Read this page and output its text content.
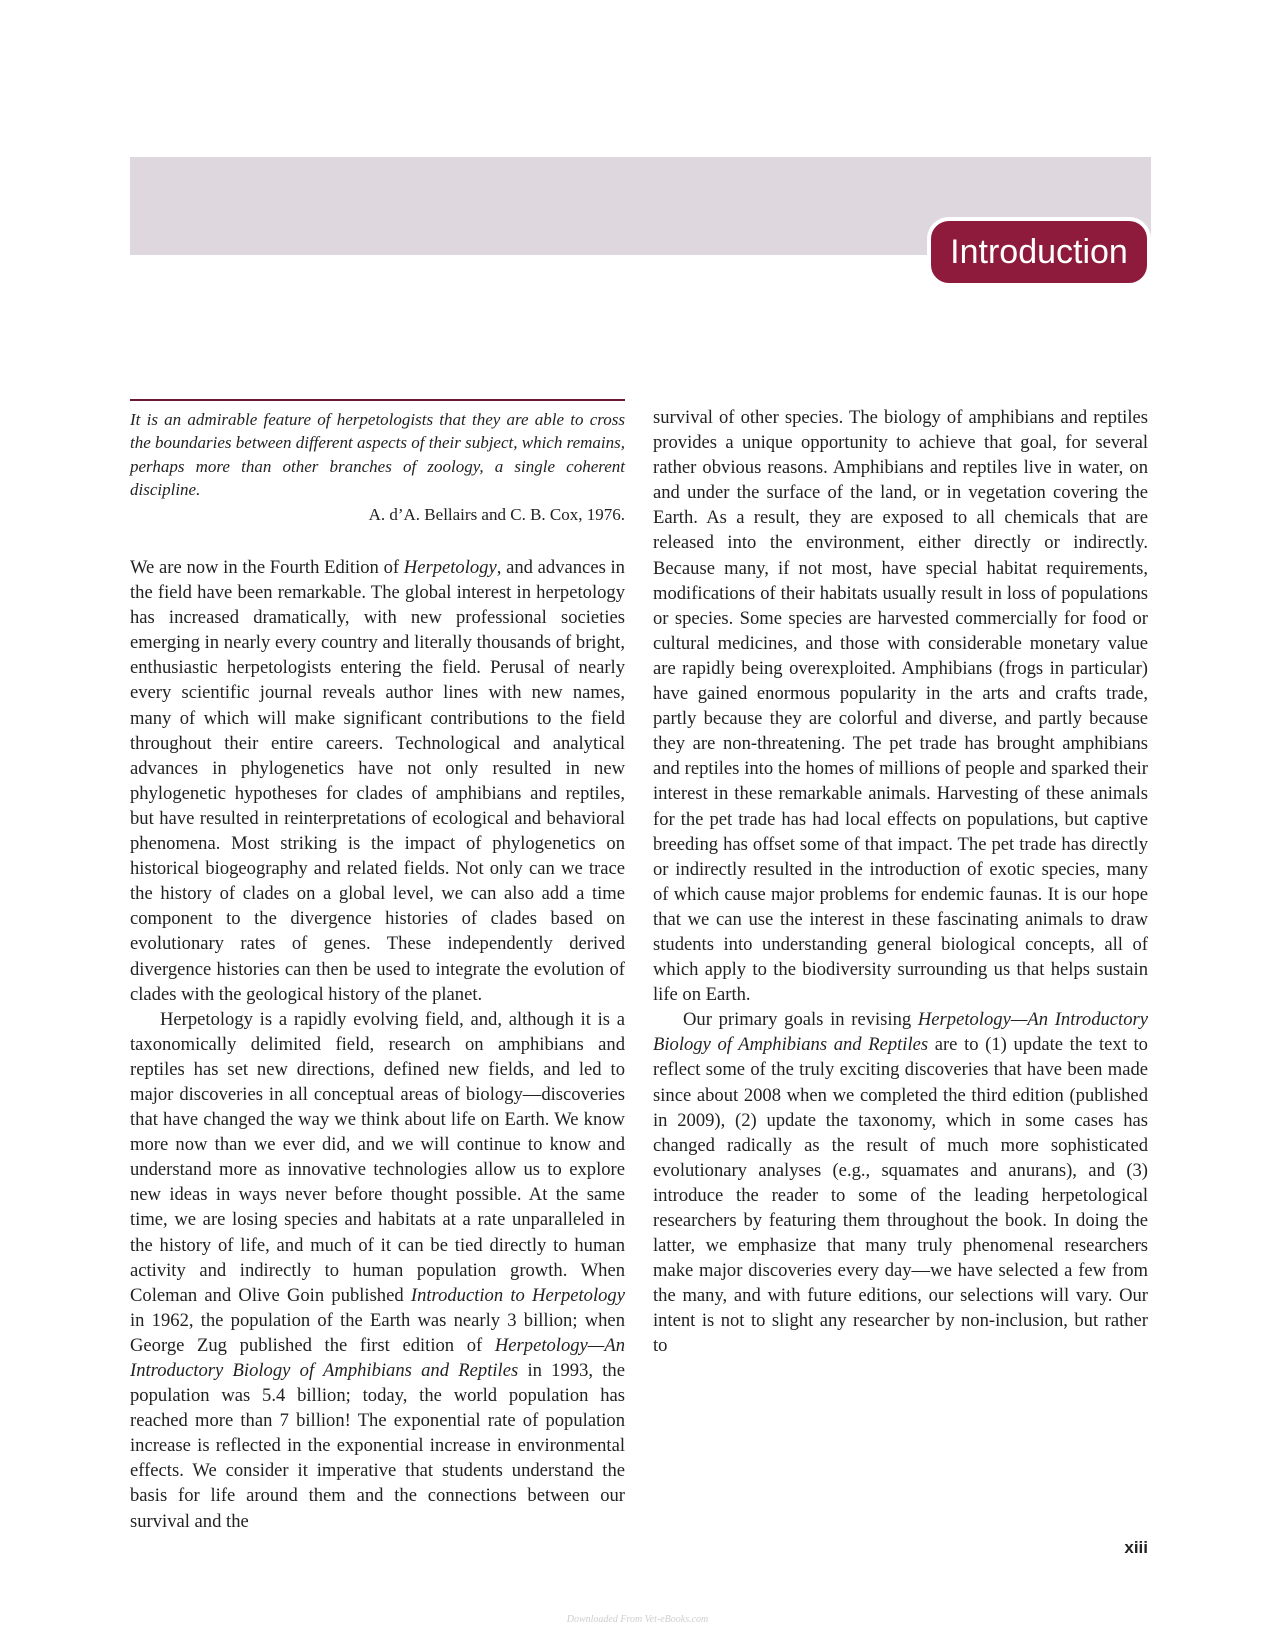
Introduction

It is an admirable feature of herpetologists that they are able to cross the boundaries between different aspects of their subject, which remains, perhaps more than other branches of zoology, a single coherent discipline.

A. d’A. Bellairs and C. B. Cox, 1976.

We are now in the Fourth Edition of Herpetology, and advances in the field have been remarkable. The global interest in herpetology has increased dramatically, with new professional societies emerging in nearly every country and literally thousands of bright, enthusiastic herpetologists entering the field. Perusal of nearly every scientific journal reveals author lines with new names, many of which will make significant contributions to the field throughout their entire careers. Technological and analytical advances in phylogenetics have not only resulted in new phylogenetic hypotheses for clades of amphibians and reptiles, but have resulted in reinterpretations of ecological and behavioral phenomena. Most striking is the impact of phylogenetics on historical biogeography and related fields. Not only can we trace the history of clades on a global level, we can also add a time component to the divergence histories of clades based on evolutionary rates of genes. These independently derived divergence histories can then be used to integrate the evolution of clades with the geological history of the planet.

Herpetology is a rapidly evolving field, and, although it is a taxonomically delimited field, research on amphibians and reptiles has set new directions, defined new fields, and led to major discoveries in all conceptual areas of biology—discoveries that have changed the way we think about life on Earth. We know more now than we ever did, and we will continue to know and understand more as innovative technologies allow us to explore new ideas in ways never before thought possible. At the same time, we are losing species and habitats at a rate unparalleled in the history of life, and much of it can be tied directly to human activity and indirectly to human population growth. When Coleman and Olive Goin published Introduction to Herpetology in 1962, the population of the Earth was nearly 3 billion; when George Zug published the first edition of Herpetology—An Introductory Biology of Amphibians and Reptiles in 1993, the population was 5.4 billion; today, the world population has reached more than 7 billion! The exponential rate of population increase is reflected in the exponential increase in environmental effects. We consider it imperative that students understand the basis for life around them and the connections between our survival and the

survival of other species. The biology of amphibians and reptiles provides a unique opportunity to achieve that goal, for several rather obvious reasons. Amphibians and reptiles live in water, on and under the surface of the land, or in vegetation covering the Earth. As a result, they are exposed to all chemicals that are released into the environment, either directly or indirectly. Because many, if not most, have special habitat requirements, modifications of their habitats usually result in loss of populations or species. Some species are harvested commercially for food or cultural medicines, and those with considerable monetary value are rapidly being overexploited. Amphibians (frogs in particular) have gained enormous popularity in the arts and crafts trade, partly because they are colorful and diverse, and partly because they are non-threatening. The pet trade has brought amphibians and reptiles into the homes of millions of people and sparked their interest in these remarkable animals. Harvesting of these animals for the pet trade has had local effects on populations, but captive breeding has offset some of that impact. The pet trade has directly or indirectly resulted in the introduction of exotic species, many of which cause major problems for endemic faunas. It is our hope that we can use the interest in these fascinating animals to draw students into understanding general biological concepts, all of which apply to the biodiversity surrounding us that helps sustain life on Earth.

Our primary goals in revising Herpetology—An Introductory Biology of Amphibians and Reptiles are to (1) update the text to reflect some of the truly exciting discoveries that have been made since about 2008 when we completed the third edition (published in 2009), (2) update the taxonomy, which in some cases has changed radically as the result of much more sophisticated evolutionary analyses (e.g., squamates and anurans), and (3) introduce the reader to some of the leading herpetological researchers by featuring them throughout the book. In doing the latter, we emphasize that many truly phenomenal researchers make major discoveries every day—we have selected a few from the many, and with future editions, our selections will vary. Our intent is not to slight any researcher by non-inclusion, but rather to

xiii
Downloaded From Vet-eBooks.com
